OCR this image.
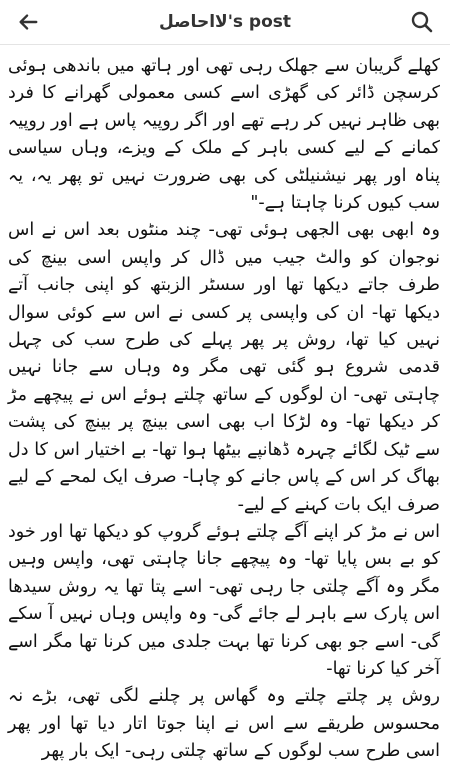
لااحاصل's post

کھلے گریبان سے جھلک رہی تھی اور ہاتھ میں باندھی ہوئی کرسچن ڈائر کی گھڑی اسے کسی معمولی گھرانے کا فرد بھی ظاہر نہیں کر رہے تھے اور اگر روپیہ پاس ہے اور روپیہ کمانے کے لیے کسی باہر کے ملک کے ویزے، وہاں سیاسی پناہ اور پھر نیشنیلٹی کی بھی ضرورت نہیں تو پھر یہ، یہ سب کیوں کرنا چاہتا ہے-"

وہ ابھی بھی الجھی ہوئی تھی- چند منٹوں بعد اس نے اس نوجوان کو والٹ جیب میں ڈال کر واپس اسی بینچ کی طرف جاتے دیکھا تھا اور سسٹر الزبتھ کو اپنی جانب آتے دیکھا تھا- ان کی واپسی پر کسی نے اس سے کوئی سوال نہیں کیا تھا، روش پر پھر پہلے کی طرح سب کی چہل قدمی شروع ہو گئی تھی مگر وہ وہاں سے جانا نہیں چاہتی تھی- ان لوگوں کے ساتھ چلتے ہوئے اس نے پیچھے مڑ کر دیکھا تھا- وہ لڑکا اب بھی اسی بینچ پر بینچ کی پشت سے ٹیک لگائے چہرہ ڈھانپے بیٹھا ہوا تھا- بے اختیار اس کا دل بھاگ کر اس کے پاس جانے کو چاہا- صرف ایک لمحے کے لیے صرف ایک بات کہنے کے لیے-

اس نے مڑ کر اپنے آگے چلتے ہوئے گروپ کو دیکھا تھا اور خود کو بے بس پایا تھا- وہ پیچھے جانا چاہتی تھی، واپس وہیں مگر وہ آگے چلتی جا رہی تھی- اسے پتا تھا یہ روش سیدھا اس پارک سے باہر لے جائے گی- وہ واپس وہاں نہیں آ سکے گی- اسے جو بھی کرنا تھا بہت جلدی میں کرنا تھا مگر اسے آخر کیا کرنا تھا-

روش پر چلتے چلتے وہ گھاس پر چلنے لگی تھی، بڑے نہ محسوس طریقے سے اس نے اپنا جوتا اتار دیا تھا اور پھر اسی طرح سب لوگوں کے ساتھ چلتی رہی- ایک بار پھر
